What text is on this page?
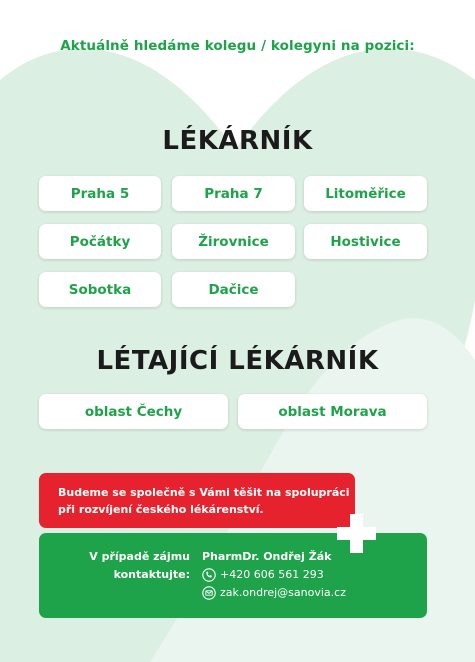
Aktuálně hledáme kolegu / kolegyni na pozici:
LÉKÁRNÍK
Praha 5	Praha 7	Litoměřice
Počátky	Žirovnice	Hostivice
Sobotka	Dačice
LÉTAJÍCÍ LÉKÁRNÍK
oblast Čechy	oblast Morava
Budeme se společně s Vámi těšit na spolupráci
při rozvíjení českého lékárenství.
V případě zájmu
kontaktujte:
PharmDr. Ondřej Žák
+420 606 561 293
zak.ondrej@sanovia.cz
